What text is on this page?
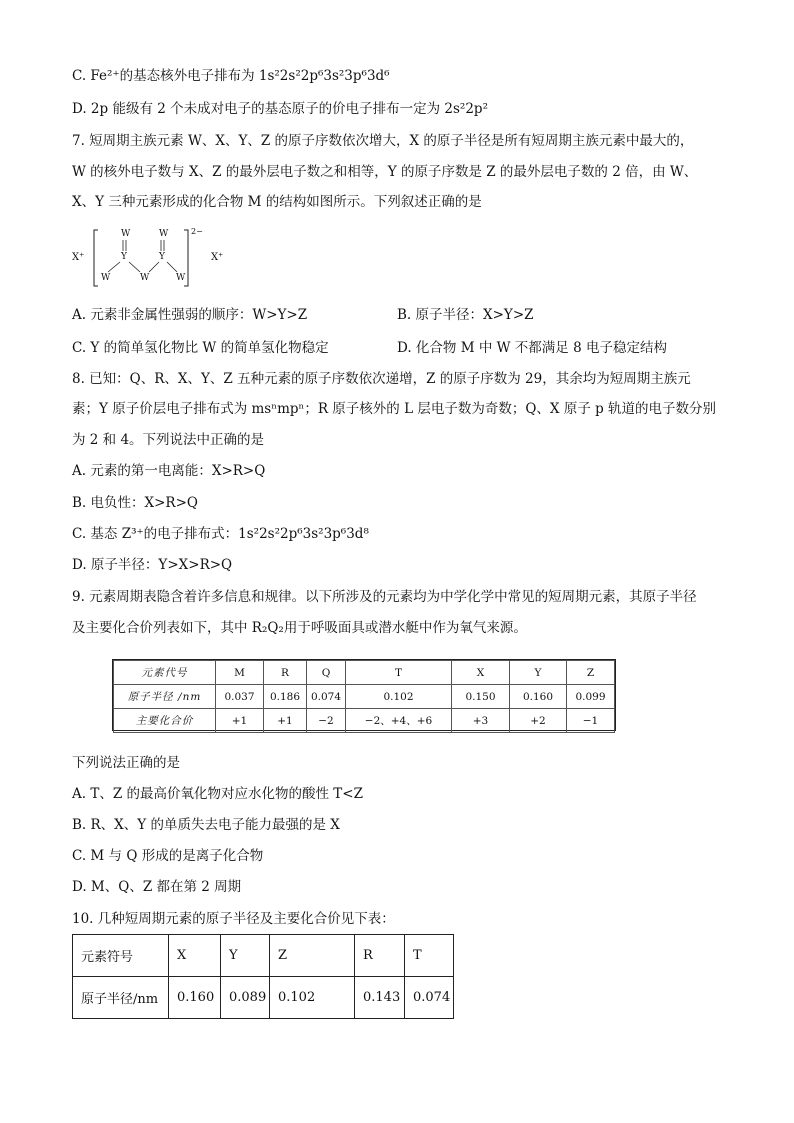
C. Fe²⁺的基态核外电子排布为 1s²2s²2p⁶3s²3p⁶3d⁶
D. 2p 能级有 2 个未成对电子的基态原子的价电子排布一定为 2s²2p²
7. 短周期主族元素 W、X、Y、Z 的原子序数依次增大，X 的原子半径是所有短周期主族元素中最大的，
W 的核外电子数与 X、Z 的最外层电子数之和相等，Y 的原子序数是 Z 的最外层电子数的 2 倍，由 W、
X、Y 三种元素形成的化合物 M 的结构如图所示。下列叙述正确的是
X⁺
2−
X⁺
W	W
Y	Y
W	W	W
A. 元素非金属性强弱的顺序：W>Y>Z	B. 原子半径：X>Y>Z
C. Y 的简单氢化物比 W 的简单氢化物稳定	D. 化合物 M 中 W 不都满足 8 电子稳定结构
8. 已知：Q、R、X、Y、Z 五种元素的原子序数依次递增，Z 的原子序数为 29，其余均为短周期主族元
素；Y 原子价层电子排布式为 msⁿmpⁿ；R 原子核外的 L 层电子数为奇数；Q、X 原子 p 轨道的电子数分别
为 2 和 4。下列说法中正确的是
A. 元素的第一电离能：X>R>Q
B. 电负性：X>R>Q
C. 基态 Z³⁺的电子排布式：1s²2s²2p⁶3s²3p⁶3d⁸
D. 原子半径：Y>X>R>Q
9. 元素周期表隐含着许多信息和规律。以下所涉及的元素均为中学化学中常见的短周期元素，其原子半径
及主要化合价列表如下，其中 R₂Q₂用于呼吸面具或潜水艇中作为氧气来源。
元素代号	M	R	Q	T	X	Y	Z
原子半径 /nm	0.037	0.186	0.074	0.102	0.150	0.160	0.099
主要化合价	+1	+1	−2	−2、+4、+6	+3	+2	−1
下列说法正确的是
A. T、Z 的最高价氧化物对应水化物的酸性 T<Z
B. R、X、Y 的单质失去电子能力最强的是 X
C. M 与 Q 形成的是离子化合物
D. M、Q、Z 都在第 2 周期
10. 几种短周期元素的原子半径及主要化合价见下表：
元素符号	X	Y	Z	R	T
原子半径/nm	0.160	0.089	0.102	0.143	0.074
